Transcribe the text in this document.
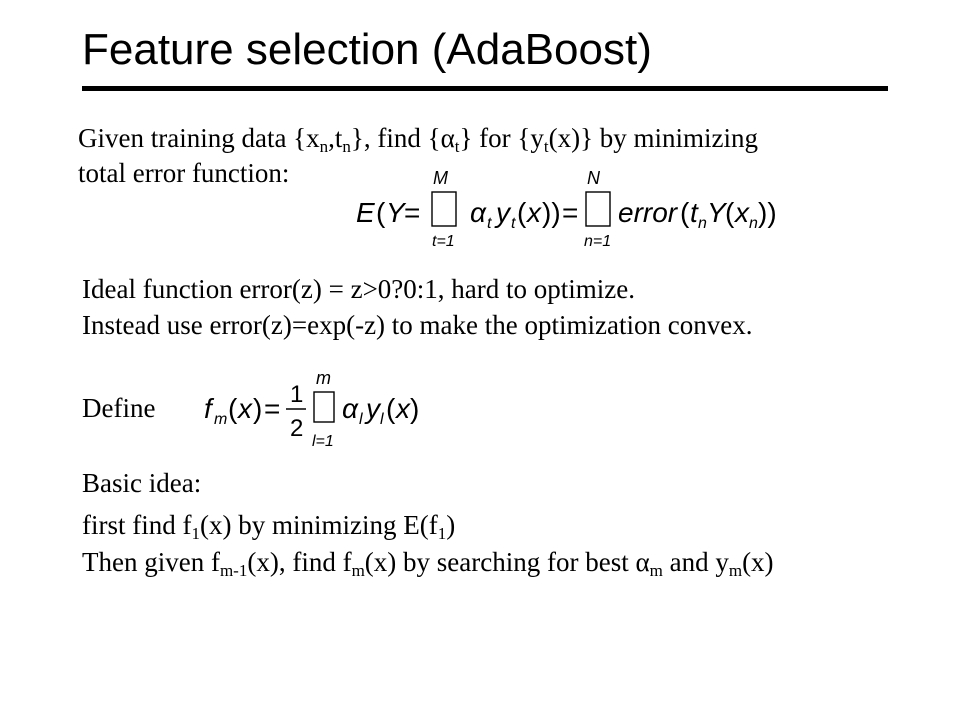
Feature selection (AdaBoost)
Given training data $\{x_n,t_n\}$, find $\{\alpha_t\}$ for $\{y_t(x)\}$ by minimizing
total error function:
E ( Y =
M
t=1
α t y t ( x )) =
N
n=1
error ( t n Y ( x n ))
Ideal function error(z) = z>0?0:1, hard to optimize.
Instead use error(z)=exp(-z) to make the optimization convex.
Define f m ( x ) = 1
2
m
l=1
α l y l ( x )
Basic idea:
first find $f_1(x)$ by minimizing $E(f_1)$
Then given $f_{m-1}(x)$, find $f_m(x)$ by searching for best $\alpha_m$ and $y_m(x)$
